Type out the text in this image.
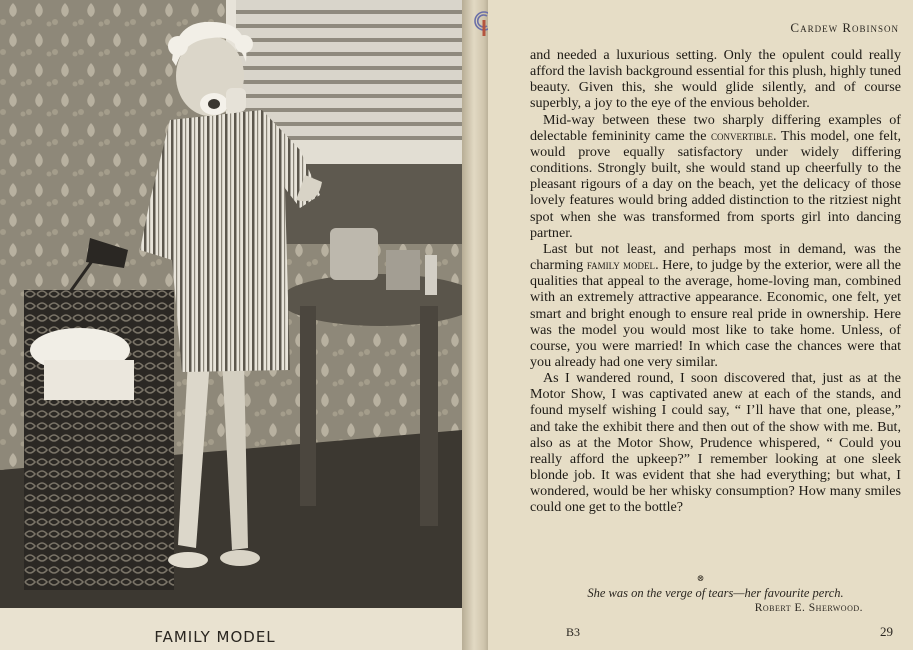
FAMILY MODEL
Cardew Robinson

and needed a luxurious setting. Only the opulent could really afford the lavish background essential for this plush, highly tuned beauty. Given this, she would glide silently, and of course superbly, a joy to the eye of the envious beholder.

Mid-way between these two sharply differing examples of delectable femininity came the convertible. This model, one felt, would prove equally satisfactory under widely differing conditions. Strongly built, she would stand up cheerfully to the pleasant rigours of a day on the beach, yet the delicacy of those lovely features would bring added distinction to the ritziest night spot when she was transformed from sports girl into dancing partner.

Last but not least, and perhaps most in demand, was the charming family model. Here, to judge by the exterior, were all the qualities that appeal to the average, home-loving man, combined with an extremely attractive appearance. Economic, one felt, yet smart and bright enough to ensure real pride in ownership. Here was the model you would most like to take home. Unless, of course, you were married! In which case the chances were that you already had one very similar.

As I wandered round, I soon discovered that, just as at the Motor Show, I was captivated anew at each of the stands, and found myself wishing I could say, “ I’ll have that one, please,” and take the exhibit there and then out of the show with me. But, also as at the Motor Show, Prudence whispered, “ Could you really afford the upkeep?” I remember looking at one sleek blonde job. It was evident that she had everything; but what, I wondered, would be her whisky consumption? How many smiles could one get to the bottle?

⊗
She was on the verge of tears—her favourite perch.
Robert E. Sherwood.
B3	29
